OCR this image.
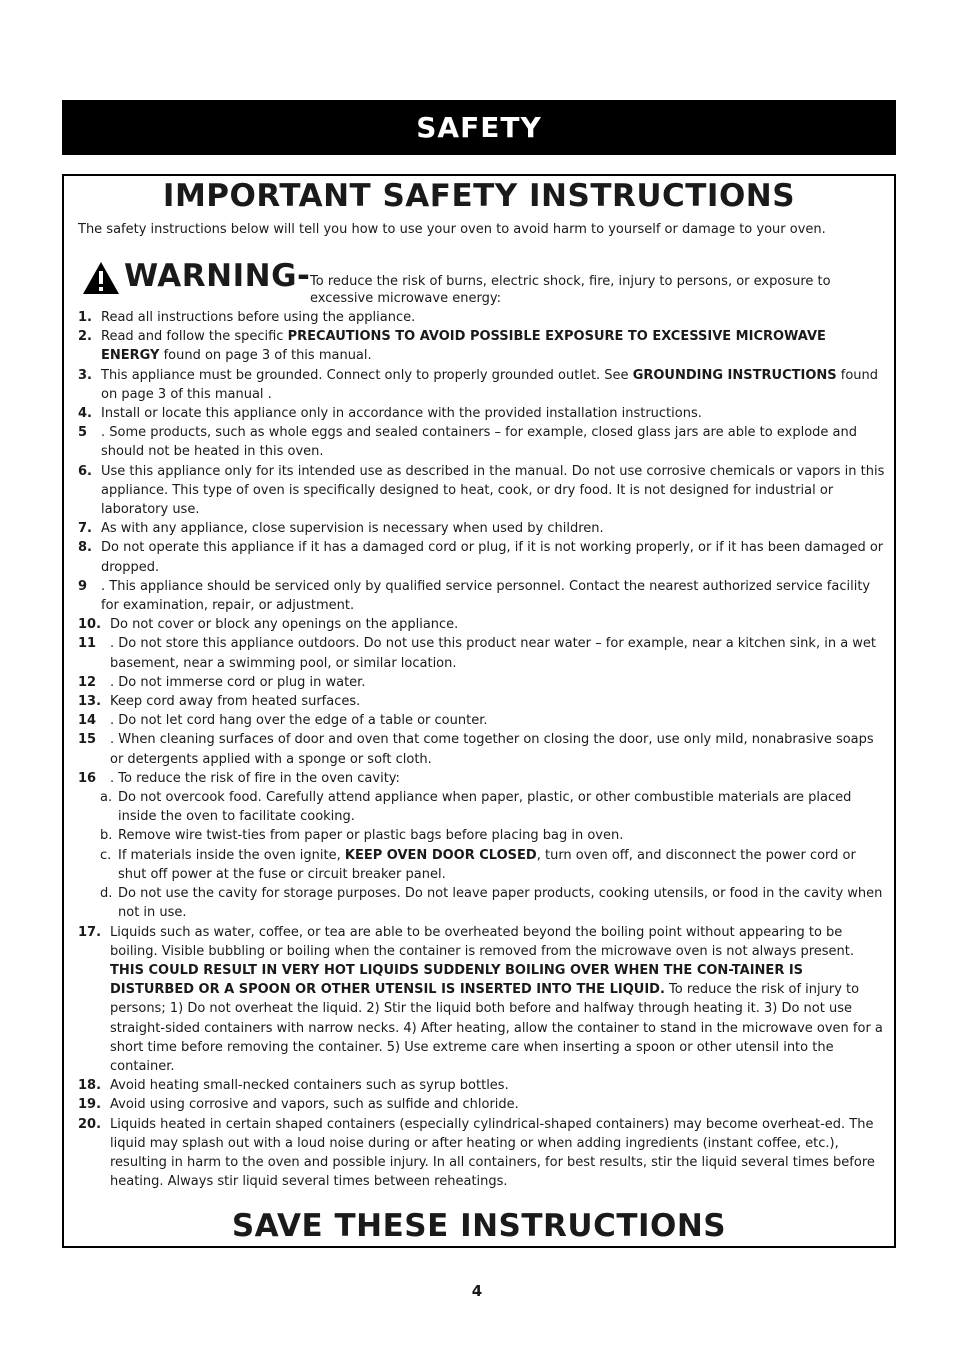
SAFETY
IMPORTANT SAFETY INSTRUCTIONS
The safety instructions below will tell you how to use your oven to avoid harm to yourself or damage to your oven.
WARNING- To reduce the risk of burns, electric shock, fire, injury to persons, or exposure to excessive microwave energy:
1. Read all instructions before using the appliance.
2. Read and follow the specific PRECAUTIONS TO AVOID POSSIBLE EXPOSURE TO EXCESSIVE MICROWAVE ENERGY found on page 3 of this manual.
3. This appliance must be grounded. Connect only to properly grounded outlet. See GROUNDING INSTRUCTIONS found on page 3 of this manual .
4. Install or locate this appliance only in accordance with the provided installation instructions.
5	. Some products, such as whole eggs and sealed containers – for example, closed glass jars are able to explode and should not be heated in this oven.
6. Use this appliance only for its intended use as described in the manual. Do not use corrosive chemicals or vapors in this appliance. This type of oven is specifically designed to heat, cook, or dry food. It is not designed for industrial or laboratory use.
7. As with any appliance, close supervision is necessary when used by children.
8. Do not operate this appliance if it has a damaged cord or plug, if it is not working properly, or if it has been damaged or dropped.
9	. This appliance should be serviced only by qualified service personnel. Contact the nearest authorized service facility for examination, repair, or adjustment.
10. Do not cover or block any openings on the appliance.
11	. Do not store this appliance outdoors. Do not use this product near water – for example, near a kitchen sink, in a wet basement, near a swimming pool, or similar location.
12	. Do not immerse cord or plug in water.
13. Keep cord away from heated surfaces.
14	. Do not let cord hang over the edge of a table or counter.
15	. When cleaning surfaces of door and oven that come together on closing the door, use only mild, nonabrasive soaps or detergents applied with a sponge or soft cloth.
16	. To reduce the risk of fire in the oven cavity:
a. Do not overcook food. Carefully attend appliance when paper, plastic, or other combustible materials are placed inside the oven to facilitate cooking.
b. Remove wire twist-ties from paper or plastic bags before placing bag in oven.
c. If materials inside the oven ignite, KEEP OVEN DOOR CLOSED, turn oven off, and disconnect the power cord or shut off power at the fuse or circuit breaker panel.
d. Do not use the cavity for storage purposes. Do not leave paper products, cooking utensils, or food in the cavity when not in use.
17. Liquids such as water, coffee, or tea are able to be overheated beyond the boiling point without appearing to be boiling. Visible bubbling or boiling when the container is removed from the microwave oven is not always present. THIS COULD RESULT IN VERY HOT LIQUIDS SUDDENLY BOILING OVER WHEN THE CON-TAINER IS DISTURBED OR A SPOON OR OTHER UTENSIL IS INSERTED INTO THE LIQUID. To reduce the risk of injury to persons; 1) Do not overheat the liquid. 2) Stir the liquid both before and halfway through heating it. 3) Do not use straight-sided containers with narrow necks. 4) After heating, allow the container to stand in the microwave oven for a short time before removing the container. 5) Use extreme care when inserting a spoon or other utensil into the container.
18. Avoid heating small-necked containers such as syrup bottles.
19. Avoid using corrosive and vapors, such as sulfide and chloride.
20. Liquids heated in certain shaped containers (especially cylindrical-shaped containers) may become overheat-ed. The liquid may splash out with a loud noise during or after heating or when adding ingredients (instant coffee, etc.), resulting in harm to the oven and possible injury. In all containers, for best results, stir the liquid several times before heating. Always stir liquid several times between reheatings.
SAVE THESE INSTRUCTIONS
4
